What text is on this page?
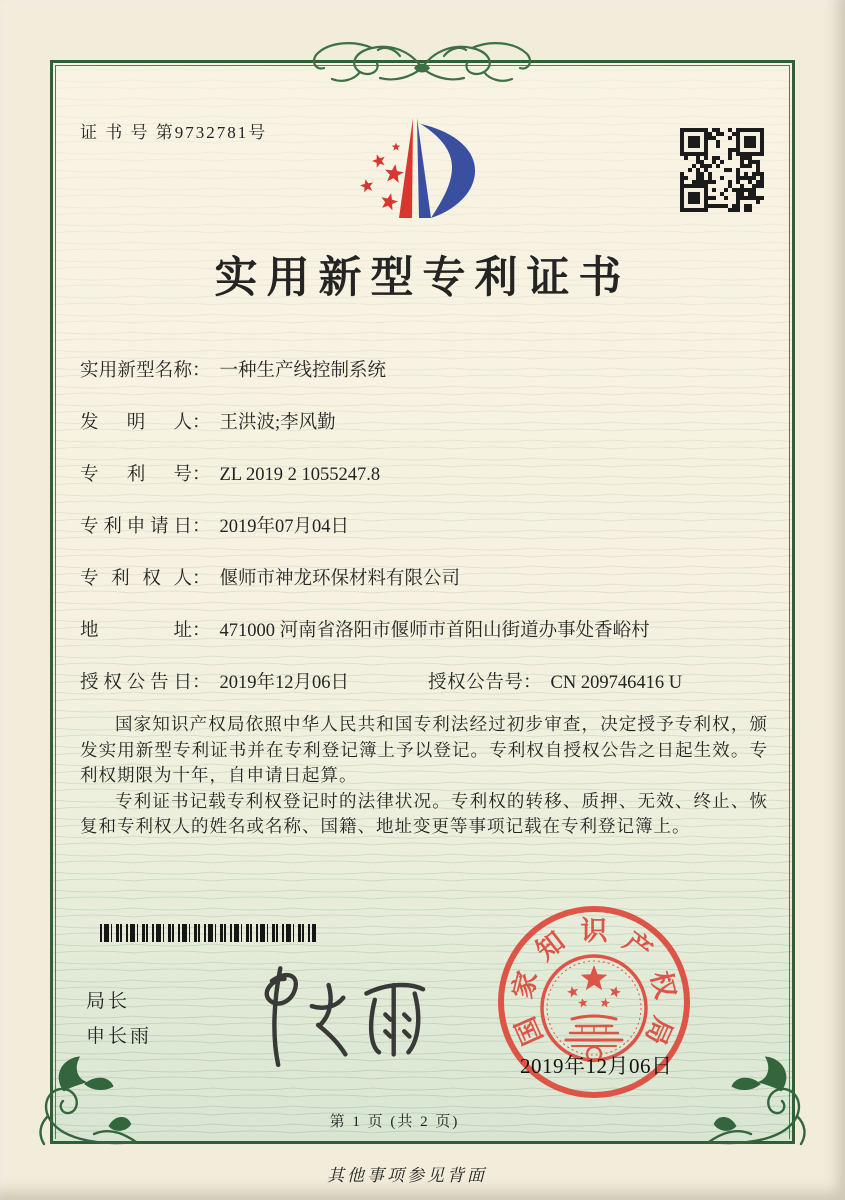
证 书 号 第9732781号
实用新型专利证书
实用新型名称： 一种生产线控制系统
发明人： 王洪波;李风勤
专利号： ZL 2019 2 1055247.8
专利申请日： 2019年07月04日
专利权人： 偃师市神龙环保材料有限公司
地址： 471000 河南省洛阳市偃师市首阳山街道办事处香峪村
授权公告日： 2019年12月06日	授权公告号： CN 209746416 U

国家知识产权局依照中华人民共和国专利法经过初步审查，决定授予专利权，颁发实用新型专利证书并在专利登记簿上予以登记。专利权自授权公告之日起生效。专利权期限为十年，自申请日起算。

专利证书记载专利权登记时的法律状况。专利权的转移、质押、无效、终止、恢复和专利权人的姓名或名称、国籍、地址变更等事项记载在专利登记簿上。

局长
申长雨	国
家
知 识 产
权
局
2019年12月06日
第 1 页 (共 2 页)
其他事项参见背面
